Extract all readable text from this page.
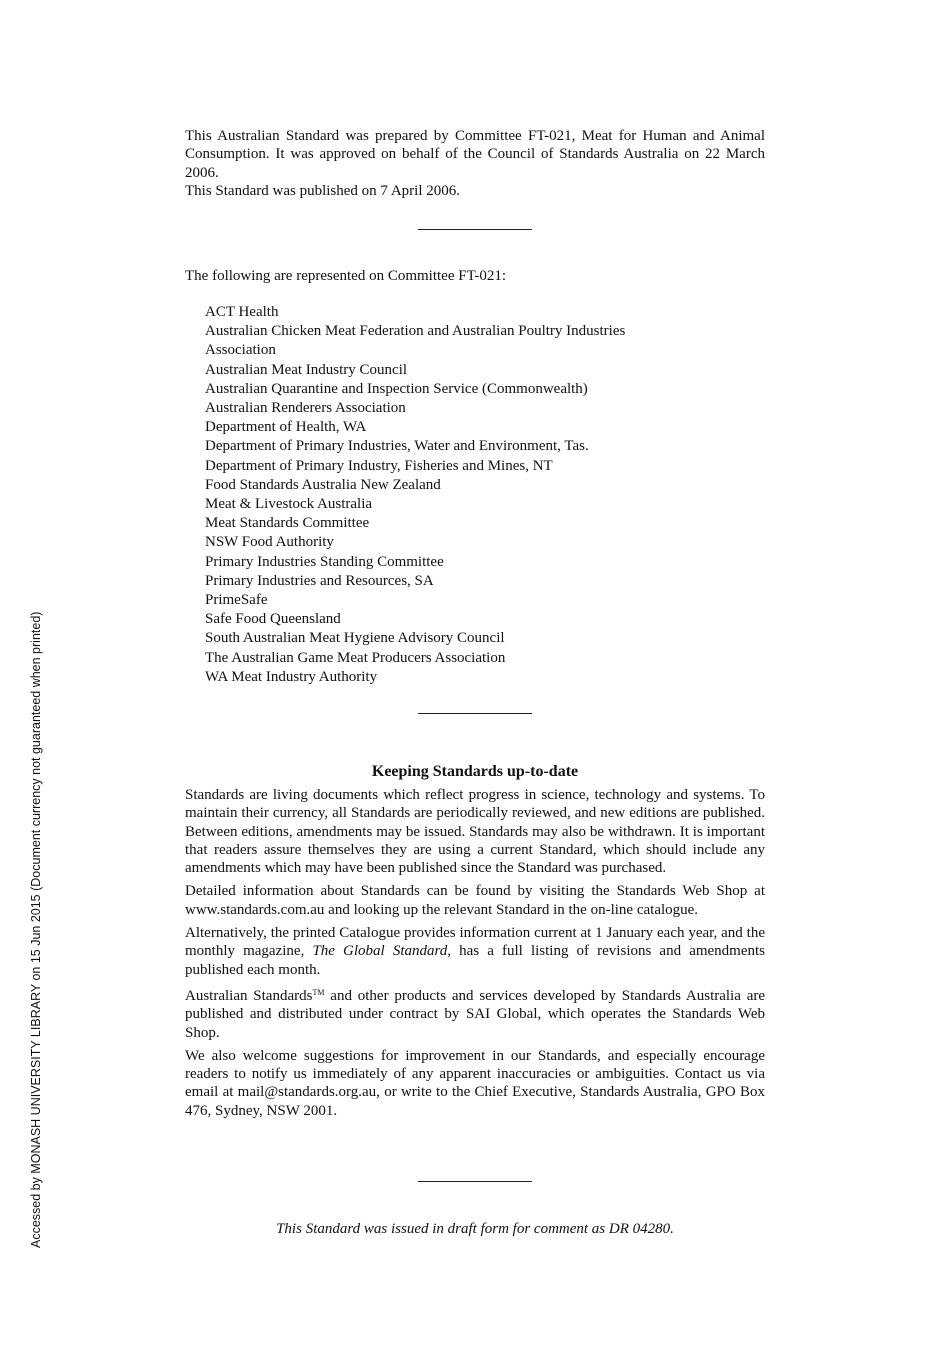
This Australian Standard was prepared by Committee FT-021, Meat for Human and Animal Consumption. It was approved on behalf of the Council of Standards Australia on 22 March 2006.

This Standard was published on 7 April 2006.

The following are represented on Committee FT-021:
ACT Health
Australian Chicken Meat Federation and Australian Poultry Industries Association
Australian Meat Industry Council
Australian Quarantine and Inspection Service (Commonwealth)
Australian Renderers Association
Department of Health, WA
Department of Primary Industries, Water and Environment, Tas.
Department of Primary Industry, Fisheries and Mines, NT
Food Standards Australia New Zealand
Meat & Livestock Australia
Meat Standards Committee
NSW Food Authority
Primary Industries Standing Committee
Primary Industries and Resources, SA
PrimeSafe
Safe Food Queensland
South Australian Meat Hygiene Advisory Council
The Australian Game Meat Producers Association
WA Meat Industry Authority
Keeping Standards up-to-date

Standards are living documents which reflect progress in science, technology and systems. To maintain their currency, all Standards are periodically reviewed, and new editions are published. Between editions, amendments may be issued. Standards may also be withdrawn. It is important that readers assure themselves they are using a current Standard, which should include any amendments which may have been published since the Standard was purchased.

Detailed information about Standards can be found by visiting the Standards Web Shop at www.standards.com.au and looking up the relevant Standard in the on-line catalogue.

Alternatively, the printed Catalogue provides information current at 1 January each year, and the monthly magazine, The Global Standard, has a full listing of revisions and amendments published each month.

Australian Standards™ and other products and services developed by Standards Australia are published and distributed under contract by SAI Global, which operates the Standards Web Shop.

We also welcome suggestions for improvement in our Standards, and especially encourage readers to notify us immediately of any apparent inaccuracies or ambiguities. Contact us via email at mail@standards.org.au, or write to the Chief Executive, Standards Australia, GPO Box 476, Sydney, NSW 2001.

This Standard was issued in draft form for comment as DR 04280.
Accessed by MONASH UNIVERSITY LIBRARY on 15 Jun 2015 (Document currency not guaranteed when printed)
